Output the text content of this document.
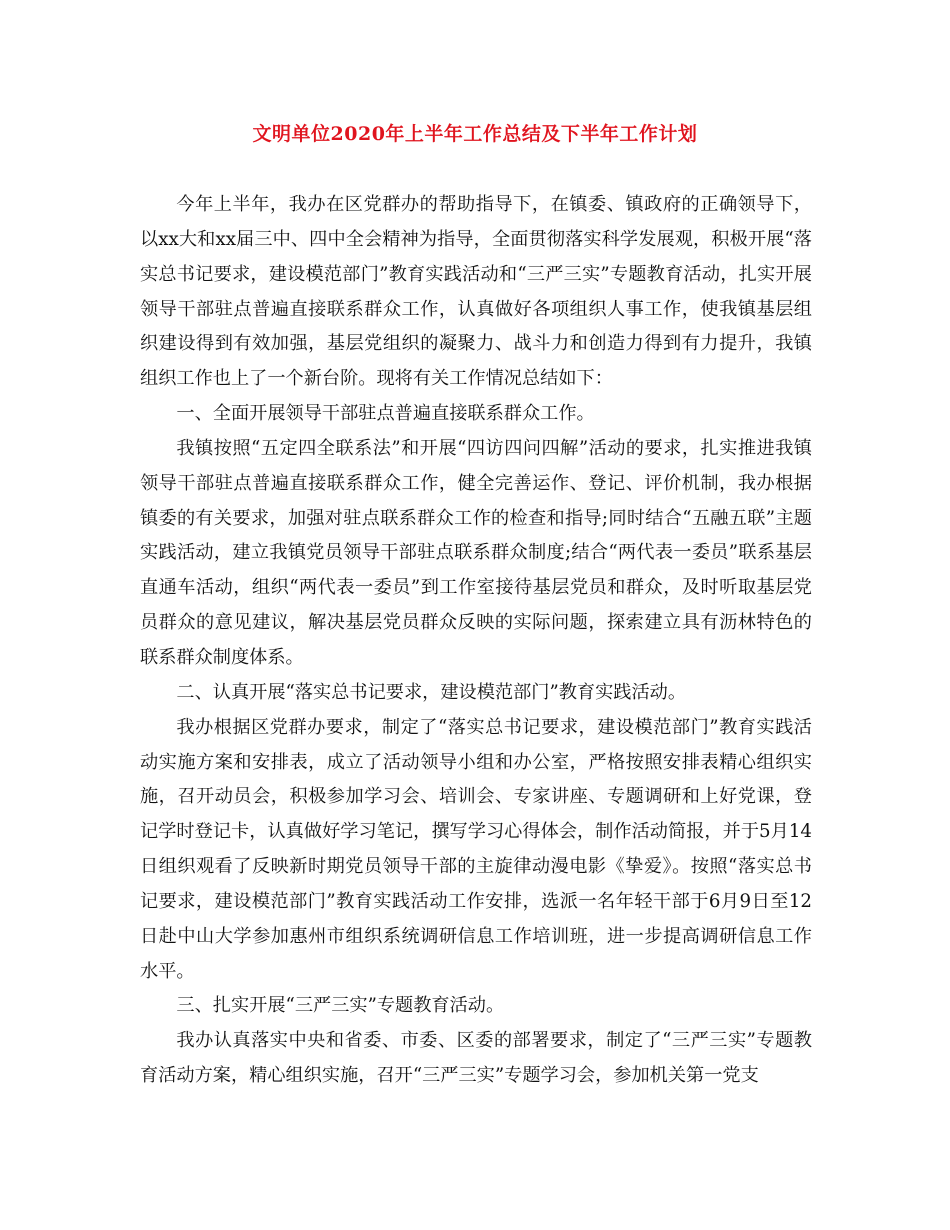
文明单位2020年上半年工作总结及下半年工作计划

今年上半年，我办在区党群办的帮助指导下，在镇委、镇政府的正确领导下，以xx大和xx届三中、四中全会精神为指导，全面贯彻落实科学发展观，积极开展“落实总书记要求，建设模范部门”教育实践活动和“三严三实”专题教育活动，扎实开展领导干部驻点普遍直接联系群众工作，认真做好各项组织人事工作，使我镇基层组织建设得到有效加强，基层党组织的凝聚力、战斗力和创造力得到有力提升，我镇组织工作也上了一个新台阶。现将有关工作情况总结如下：

一、全面开展领导干部驻点普遍直接联系群众工作。

我镇按照“五定四全联系法”和开展“四访四问四解”活动的要求，扎实推进我镇领导干部驻点普遍直接联系群众工作，健全完善运作、登记、评价机制，我办根据镇委的有关要求，加强对驻点联系群众工作的检查和指导;同时结合“五融五联”主题实践活动，建立我镇党员领导干部驻点联系群众制度;结合“两代表一委员”联系基层直通车活动，组织“两代表一委员”到工作室接待基层党员和群众，及时听取基层党员群众的意见建议，解决基层党员群众反映的实际问题，探索建立具有沥林特色的联系群众制度体系。

二、认真开展“落实总书记要求，建设模范部门”教育实践活动。

我办根据区党群办要求，制定了“落实总书记要求，建设模范部门”教育实践活动实施方案和安排表，成立了活动领导小组和办公室，严格按照安排表精心组织实施，召开动员会，积极参加学习会、培训会、专家讲座、专题调研和上好党课，登记学时登记卡，认真做好学习笔记，撰写学习心得体会，制作活动简报，并于5月14日组织观看了反映新时期党员领导干部的主旋律动漫电影《挚爱》。按照“落实总书记要求，建设模范部门”教育实践活动工作安排，选派一名年轻干部于6月9日至12日赴中山大学参加惠州市组织系统调研信息工作培训班，进一步提高调研信息工作水平。

三、扎实开展“三严三实”专题教育活动。

我办认真落实中央和省委、市委、区委的部署要求，制定了“三严三实”专题教育活动方案，精心组织实施，召开“三严三实”专题学习会，参加机关第一党支
